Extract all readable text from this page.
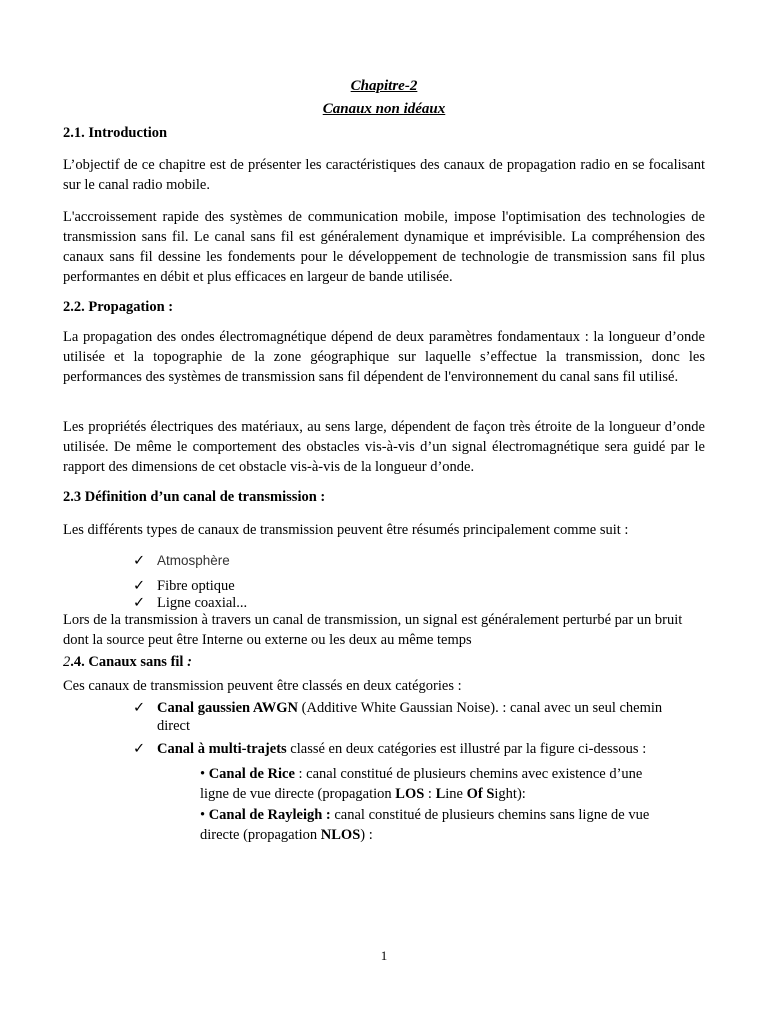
Chapitre-2
Canaux non idéaux
2.1. Introduction

L’objectif de ce chapitre est de présenter les caractéristiques des canaux de propagation radio en se focalisant sur le canal radio mobile.

L'accroissement rapide des systèmes de communication mobile, impose l'optimisation des technologies de transmission sans fil. Le canal sans fil est généralement dynamique et imprévisible. La compréhension des canaux sans fil dessine les fondements pour le développement de technologie de transmission sans fil plus performantes en débit et plus efficaces en largeur de bande utilisée.

2.2. Propagation :

La propagation des ondes électromagnétique dépend de deux paramètres fondamentaux : la longueur d’onde utilisée et la topographie de la zone géographique sur laquelle s’effectue la transmission, donc les performances des systèmes de transmission sans fil dépendent de l'environnement du canal sans fil utilisé.

Les propriétés électriques des matériaux, au sens large, dépendent de façon très étroite de la longueur d’onde utilisée. De même le comportement des obstacles vis-à-vis d’un signal électromagnétique sera guidé par le rapport des dimensions de cet obstacle vis-à-vis de la longueur d’onde.

2.3 Définition d’un canal de transmission :

Les différents types de canaux de transmission peuvent être résumés principalement comme suit :

✓ Atmosphère
✓ Fibre optique
✓ Ligne coaxial...

Lors de la transmission à travers un canal de transmission, un signal est généralement perturbé par un bruit dont la source peut être Interne ou externe ou les deux au même temps

2.4. Canaux sans fil :

Ces canaux de transmission peuvent être classés en deux catégories :

✓ Canal gaussien AWGN (Additive White Gaussian Noise). : canal avec un seul chemin
direct
✓ Canal à multi-trajets classé en deux catégories est illustré par la figure ci-dessous :
• Canal de Rice : canal constitué de plusieurs chemins avec existence d’une
ligne de vue directe (propagation LOS : Line Of Sight):
• Canal de Rayleigh : canal constitué de plusieurs chemins sans ligne de vue
directe (propagation NLOS) :
1
